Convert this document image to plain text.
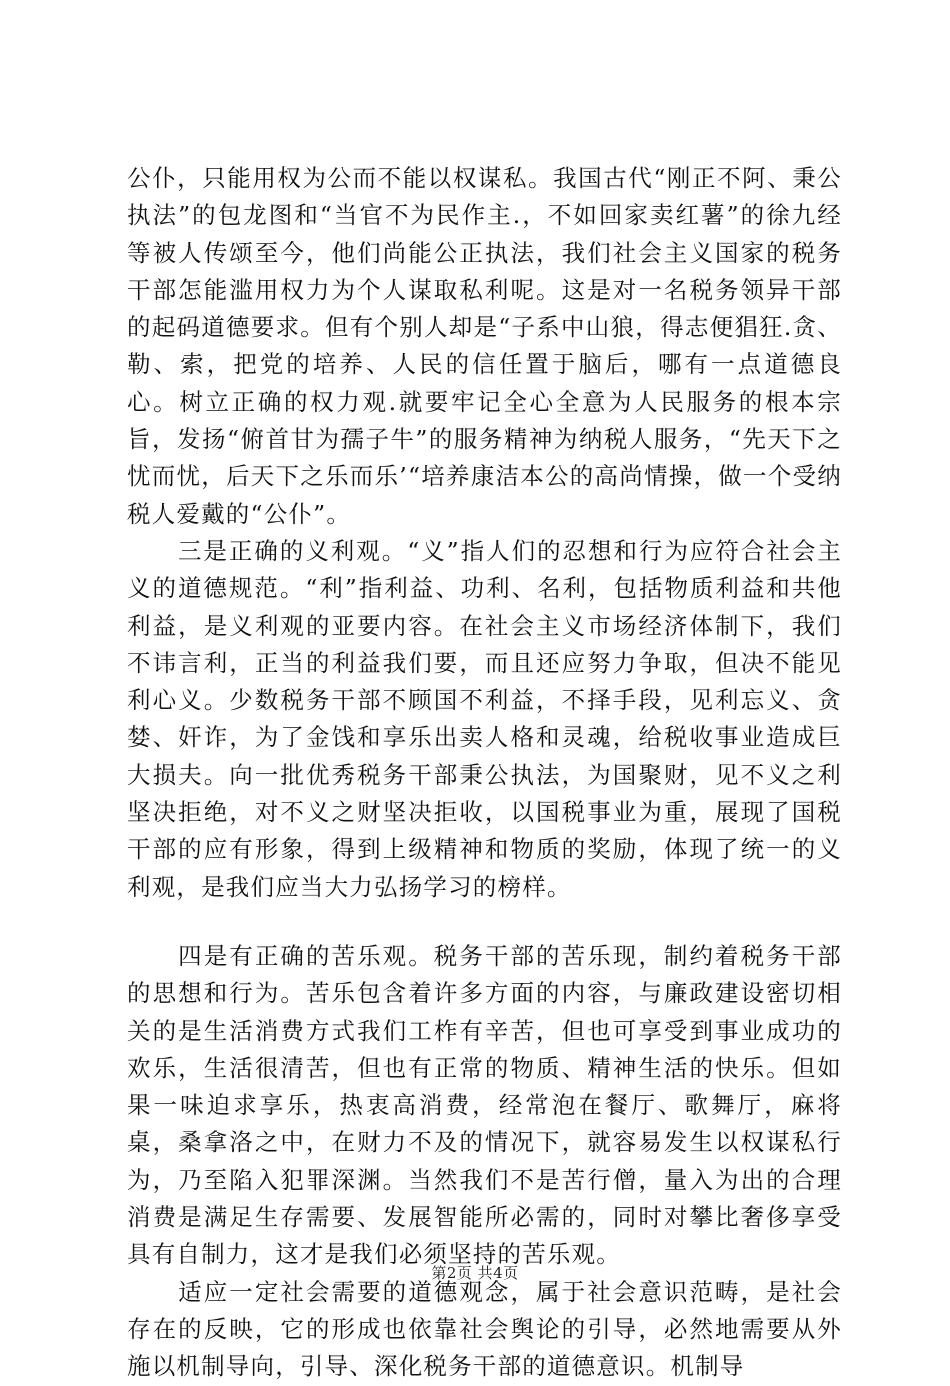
公仆，只能用权为公而不能以权谋私。我国古代“刚正不阿、秉公执法”的包龙图和“当官不为民作主.，不如回家卖红薯”的徐九经等被人传颂至今，他们尚能公正执法，我们社会主义国家的税务干部怎能滥用权力为个人谋取私利呢。这是对一名税务领异干部的起码道德要求。但有个别人却是“子系中山狼，得志便猖狂.贪、勒、索，把党的培养、人民的信任置于脑后，哪有一点道德良心。树立正确的权力观.就要牢记全心全意为人民服务的根本宗旨，发扬“俯首甘为孺子牛”的服务精神为纳税人服务，“先天下之忧而忧，后天下之乐而乐’“培养康洁本公的高尚情操，做一个受纳税人爱戴的“公仆”。

　　三是正确的义利观。“义”指人们的忍想和行为应符合社会主义的道德规范。“利”指利益、功利、名利，包括物质利益和共他利益，是义利观的亚要内容。在社会主义市场经济体制下，我们不讳言利，正当的利益我们要，而且还应努力争取，但决不能见利心义。少数税务干部不顾国不利益，不择手段，见利忘义、贪婪、奸诈，为了金饯和享乐出卖人格和灵魂，给税收事业造成巨大损夫。向一批优秀税务干部秉公执法，为国聚财，见不义之利坚决拒绝，对不义之财坚决拒收，以国税事业为重，展现了国税干部的应有形象，得到上级精神和物质的奖励，体现了统一的义利观，是我们应当大力弘扬学习的榜样。

　　四是有正确的苦乐观。税务干部的苦乐现，制约着税务干部的思想和行为。苦乐包含着许多方面的内容，与廉政建设密切相关的是生活消费方式我们工柞有辛苦，但也可享受到事业成功的欢乐，生活很清苦，但也有正常的物质、精神生活的快乐。但如果一味迫求享乐，热衷高消费，经常泡在餐厅、歌舞厅，麻将桌，桑拿洛之中，在财力不及的情况下，就容易发生以权谋私行为，乃至陷入犯罪深渊。当然我们不是苦行僧，量入为出的合理消费是满足生存需要、发展智能所必需的，同时对攀比奢侈享受具有自制力，这才是我们必须坚持的苦乐观。

　　适应一定社会需要的道德观念，属于社会意识范畴，是社会存在的反映，它的形成也依靠社会舆论的引导，必然地需要从外施以机制导向，引导、深化税务干部的道德意识。机制导

第2页 共4页
